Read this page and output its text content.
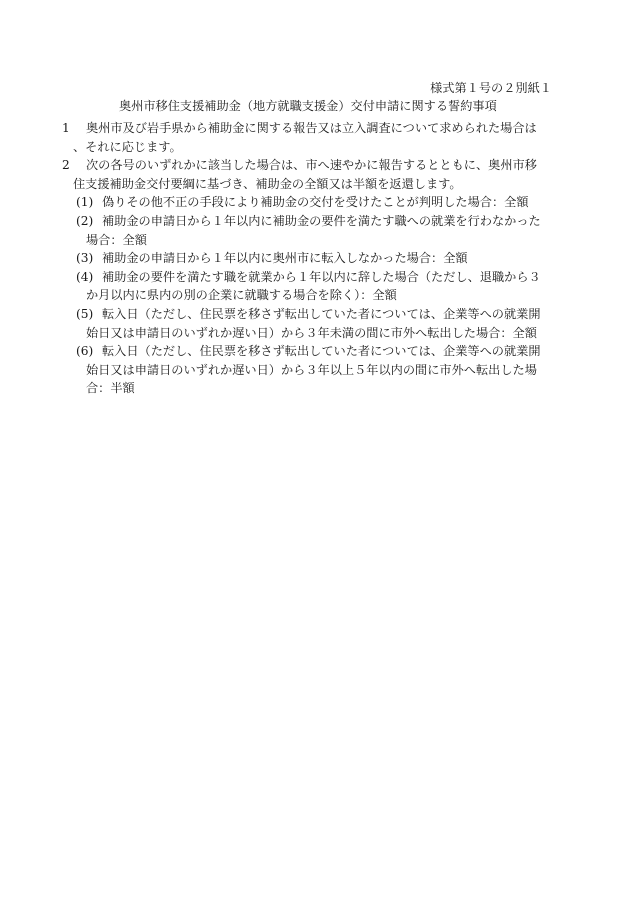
様式第１号の２別紙１
奥州市移住支援補助金（地方就職支援金）交付申請に関する誓約事項
1	奥州市及び岩手県から補助金に関する報告又は立入調査について求められた場合は
、それに応じます。
2	次の各号のいずれかに該当した場合は、市へ速やかに報告するとともに、奥州市移
住支援補助金交付要綱に基づき、補助金の全額又は半額を返還します。
(1) 偽りその他不正の手段により補助金の交付を受けたことが判明した場合：全額
(2) 補助金の申請日から１年以内に補助金の要件を満たす職への就業を行わなかった
場合：全額
(3) 補助金の申請日から１年以内に奥州市に転入しなかった場合：全額
(4) 補助金の要件を満たす職を就業から１年以内に辞した場合（ただし、退職から３
か月以内に県内の別の企業に就職する場合を除く）：全額
(5) 転入日（ただし、住民票を移さず転出していた者については、企業等への就業開
始日又は申請日のいずれか遅い日）から３年未満の間に市外へ転出した場合：全額
(6) 転入日（ただし、住民票を移さず転出していた者については、企業等への就業開
始日又は申請日のいずれか遅い日）から３年以上５年以内の間に市外へ転出した場
合：半額
